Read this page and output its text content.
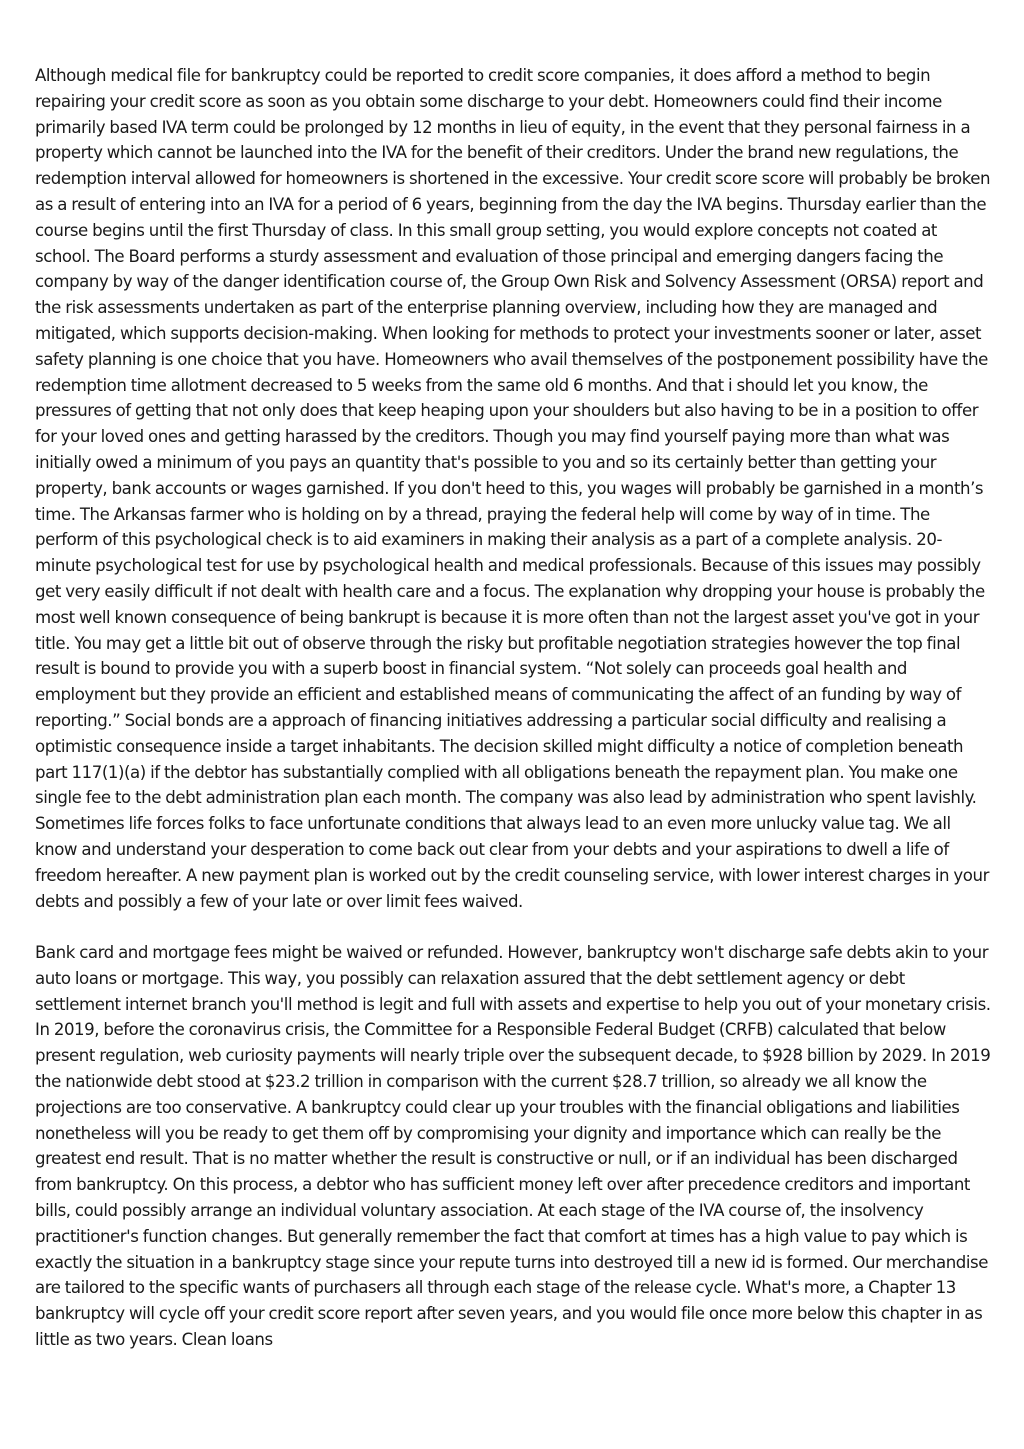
Although medical file for bankruptcy could be reported to credit score companies, it does afford a method to begin repairing your credit score as soon as you obtain some discharge to your debt. Homeowners could find their income primarily based IVA term could be prolonged by 12 months in lieu of equity, in the event that they personal fairness in a property which cannot be launched into the IVA for the benefit of their creditors. Under the brand new regulations, the redemption interval allowed for homeowners is shortened in the excessive. Your credit score score will probably be broken as a result of entering into an IVA for a period of 6 years, beginning from the day the IVA begins. Thursday earlier than the course begins until the first Thursday of class. In this small group setting, you would explore concepts not coated at school. The Board performs a sturdy assessment and evaluation of those principal and emerging dangers facing the company by way of the danger identification course of, the Group Own Risk and Solvency Assessment (ORSA) report and the risk assessments undertaken as part of the enterprise planning overview, including how they are managed and mitigated, which supports decision-making. When looking for methods to protect your investments sooner or later, asset safety planning is one choice that you have. Homeowners who avail themselves of the postponement possibility have the redemption time allotment decreased to 5 weeks from the same old 6 months. And that i should let you know, the pressures of getting that not only does that keep heaping upon your shoulders but also having to be in a position to offer for your loved ones and getting harassed by the creditors. Though you may find yourself paying more than what was initially owed a minimum of you pays an quantity that's possible to you and so its certainly better than getting your property, bank accounts or wages garnished. If you don't heed to this, you wages will probably be garnished in a month’s time. The Arkansas farmer who is holding on by a thread, praying the federal help will come by way of in time. The perform of this psychological check is to aid examiners in making their analysis as a part of a complete analysis. 20-minute psychological test for use by psychological health and medical professionals. Because of this issues may possibly get very easily difficult if not dealt with health care and a focus. The explanation why dropping your house is probably the most well known consequence of being bankrupt is because it is more often than not the largest asset you've got in your title. You may get a little bit out of observe through the risky but profitable negotiation strategies however the top final result is bound to provide you with a superb boost in financial system. “Not solely can proceeds goal health and employment but they provide an efficient and established means of communicating the affect of an funding by way of reporting.” Social bonds are a approach of financing initiatives addressing a particular social difficulty and realising a optimistic consequence inside a target inhabitants. The decision skilled might difficulty a notice of completion beneath part 117(1)(a) if the debtor has substantially complied with all obligations beneath the repayment plan. You make one single fee to the debt administration plan each month. The company was also lead by administration who spent lavishly. Sometimes life forces folks to face unfortunate conditions that always lead to an even more unlucky value tag. We all know and understand your desperation to come back out clear from your debts and your aspirations to dwell a life of freedom hereafter. A new payment plan is worked out by the credit counseling service, with lower interest charges in your debts and possibly a few of your late or over limit fees waived.

Bank card and mortgage fees might be waived or refunded. However, bankruptcy won't discharge safe debts akin to your auto loans or mortgage. This way, you possibly can relaxation assured that the debt settlement agency or debt settlement internet branch you'll method is legit and full with assets and expertise to help you out of your monetary crisis. In 2019, before the coronavirus crisis, the Committee for a Responsible Federal Budget (CRFB) calculated that below present regulation, web curiosity payments will nearly triple over the subsequent decade, to $928 billion by 2029. In 2019 the nationwide debt stood at $23.2 trillion in comparison with the current $28.7 trillion, so already we all know the projections are too conservative. A bankruptcy could clear up your troubles with the financial obligations and liabilities nonetheless will you be ready to get them off by compromising your dignity and importance which can really be the greatest end result. That is no matter whether the result is constructive or null, or if an individual has been discharged from bankruptcy. On this process, a debtor who has sufficient money left over after precedence creditors and important bills, could possibly arrange an individual voluntary association. At each stage of the IVA course of, the insolvency practitioner's function changes. But generally remember the fact that comfort at times has a high value to pay which is exactly the situation in a bankruptcy stage since your repute turns into destroyed till a new id is formed. Our merchandise are tailored to the specific wants of purchasers all through each stage of the release cycle. What's more, a Chapter 13 bankruptcy will cycle off your credit score report after seven years, and you would file once more below this chapter in as little as two years. Clean loans
